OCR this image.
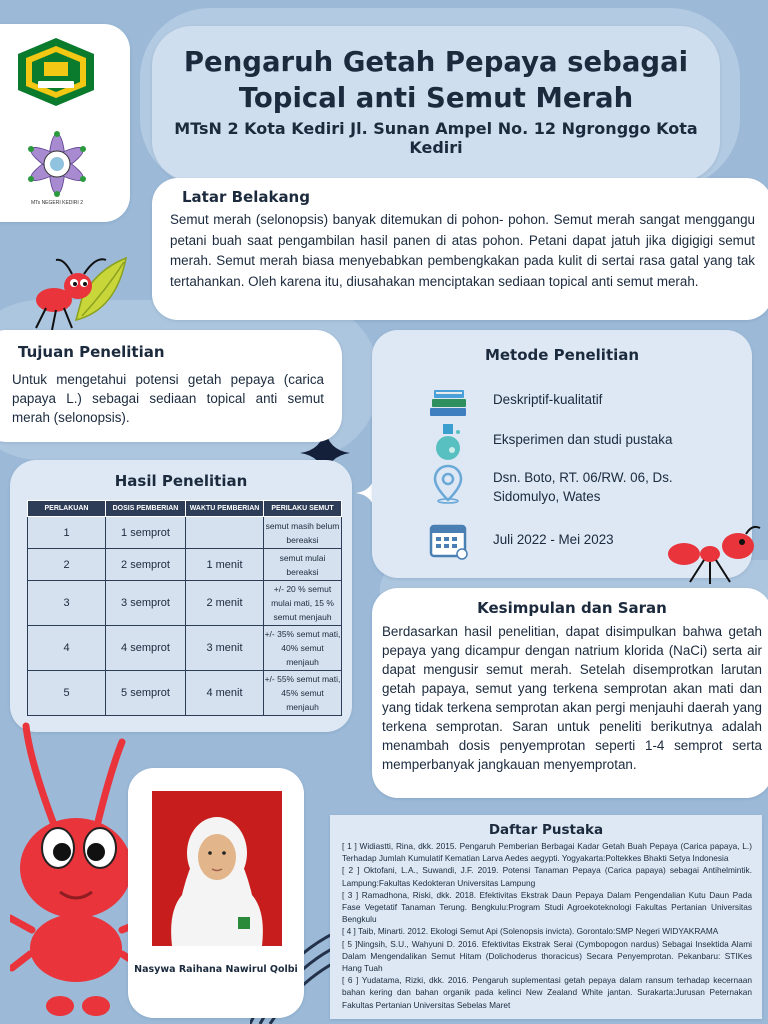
Pengaruh Getah Pepaya sebagai Topical anti Semut Merah
MTsN 2 Kota Kediri Jl. Sunan Ampel No. 12 Ngronggo Kota Kediri
MTs NEGERI KEDIRI 2	Latar Belakang
Semut merah (selonopsis) banyak ditemukan di pohon- pohon. Semut merah sangat menggangu petani buah saat pengambilan hasil panen di atas pohon. Petani dapat jatuh jika digigigi semut merah. Semut merah biasa menyebabkan pembengkakan pada kulit di sertai rasa gatal yang tak tertahankan. Oleh karena itu, diusahakan menciptakan sediaan topical anti semut merah.
Tujuan Penelitian
Untuk mengetahui potensi getah pepaya (carica papaya L.) sebagai sediaan topical anti semut merah (selonopsis).
Metode Penelitian
Deskriptif-kualitatif
Eksperimen dan studi pustaka
Dsn. Boto, RT. 06/RW. 06, Ds. Sidomulyo, Wates
Juli 2022 - Mei 2023
Hasil Penelitian
PERLAKUAN	DOSIS PEMBERIAN	WAKTU PEMBERIAN	PERILAKU SEMUT
1	1 semprot		semut masih belum bereaksi
2	2 semprot	1 menit	semut mulai bereaksi
3	3 semprot	2 menit	+/- 20 % semut mulai mati, 15 % semut menjauh
4	4 semprot	3 menit	+/- 35% semut mati, 40% semut menjauh
5	5 semprot	4 menit	+/- 55% semut mati, 45% semut menjauh
Kesimpulan dan Saran
Berdasarkan hasil penelitian, dapat disimpulkan bahwa getah pepaya yang dicampur dengan natrium klorida (NaCi) serta air dapat mengusir semut merah. Setelah disemprotkan larutan getah papaya, semut yang terkena semprotan akan mati dan yang tidak terkena semprotan akan pergi menjauhi daerah yang terkena semprotan. Saran untuk peneliti berikutnya adalah menambah dosis penyemprotan seperti 1-4 semprot serta memperbanyak jangkauan menyemprotan.
Nasywa Raihana Nawirul Qolbi
Daftar Pustaka
[ 1 ] Widiastti, Rina, dkk. 2015. Pengaruh Pemberian Berbagai Kadar Getah Buah Pepaya (Carica papaya, L.) Terhadap Jumlah Kumulatif Kematian Larva Aedes aegypti. Yogyakarta:Poltekkes Bhakti Setya Indonesia
[ 2 ] Oktofani, L.A., Suwandi, J.F. 2019. Potensi Tanaman Pepaya (Carica papaya) sebagai Antihelmintik. Lampung:Fakultas Kedokteran Universitas Lampung
[ 3 ] Ramadhona, Riski, dkk. 2018. Efektivitas Ekstrak Daun Pepaya Dalam Pengendalian Kutu Daun Pada Fase Vegetatif Tanaman Terung. Bengkulu:Program Studi Agroekoteknologi Fakultas Pertanian Universitas Bengkulu
[ 4 ] Taib, Minarti. 2012. Ekologi Semut Api (Solenopsis invicta). Gorontalo:SMP Negeri WIDYAKRAMA
[ 5 ]Ningsih, S.U., Wahyuni D. 2016. Efektivitas Ekstrak Serai (Cymbopogon nardus) Sebagai Insektida Alami Dalam Mengendalikan Semut Hitam (Dolichoderus thoracicus) Secara Penyemprotan. Pekanbaru: STIKes Hang Tuah
[ 6 ] Yudatama, Rizki, dkk. 2016. Pengaruh suplementasi getah pepaya dalam ransum terhadap kecernaan bahan kering dan bahan organik pada kelinci New Zealand White jantan. Surakarta:Jurusan Peternakan Fakultas Pertanian Universitas Sebelas Maret
